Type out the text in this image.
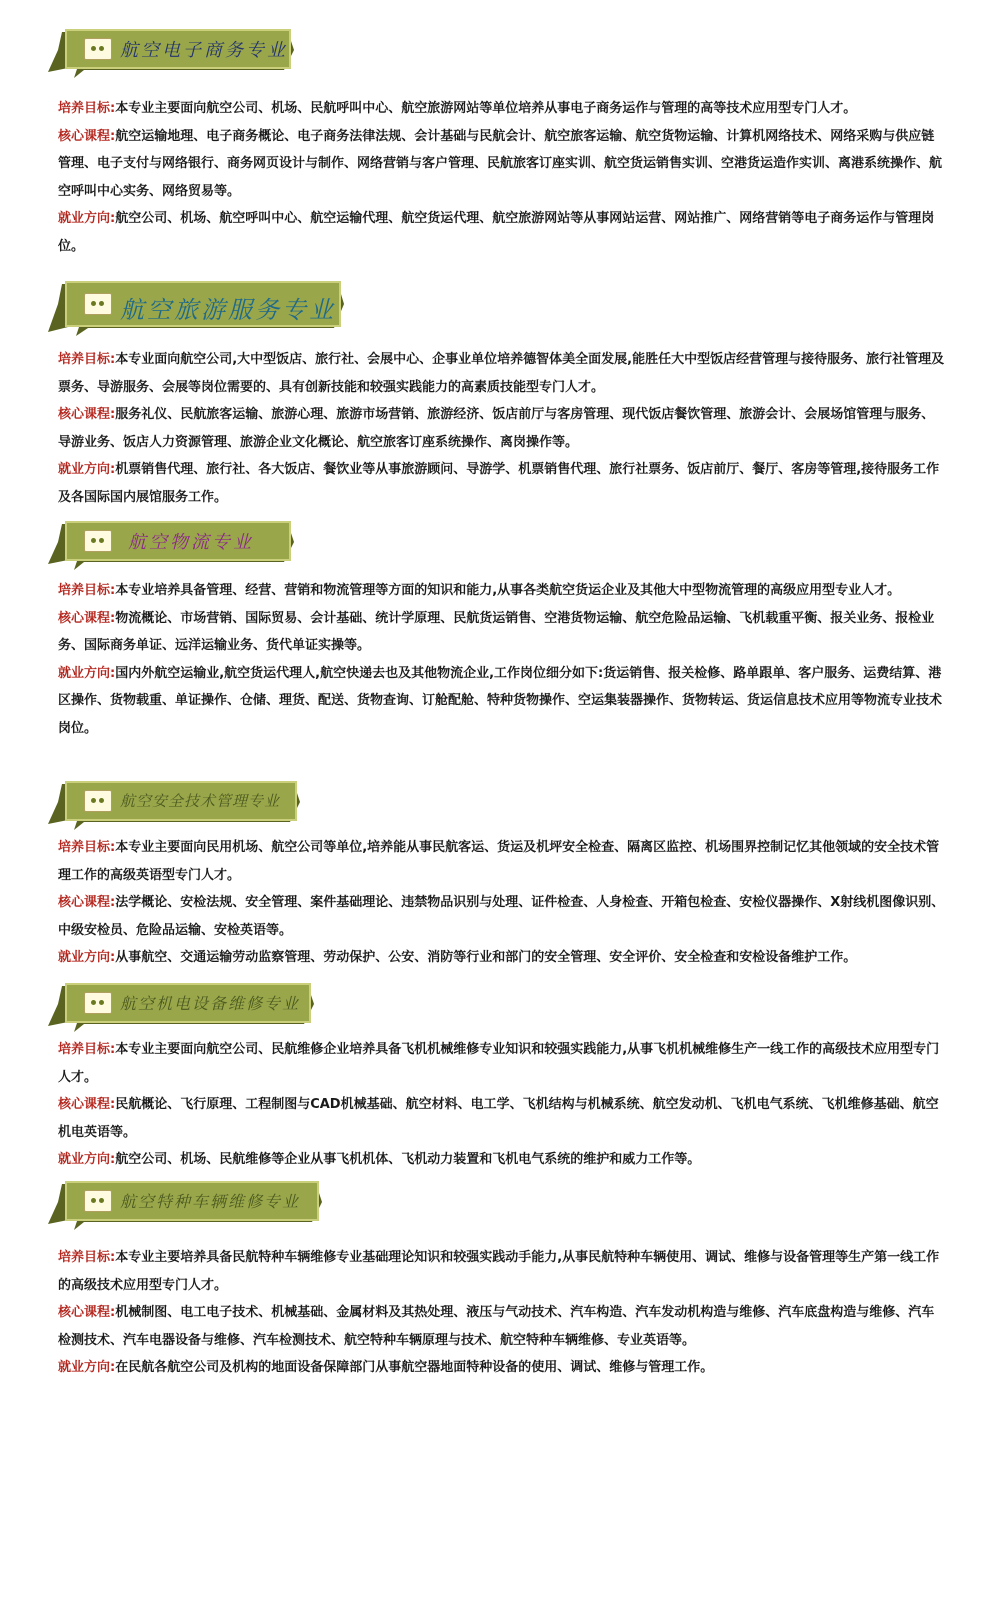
航空电子商务专业

培养目标:本专业主要面向航空公司、机场、民航呼叫中心、航空旅游网站等单位培养从事电子商务运作与管理的高等技术应用型专门人才。

核心课程:航空运输地理、电子商务概论、电子商务法律法规、会计基础与民航会计、航空旅客运输、航空货物运输、计算机网络技术、网络采购与供应链管理、电子支付与网络银行、商务网页设计与制作、网络营销与客户管理、民航旅客订座实训、航空货运销售实训、空港货运造作实训、离港系统操作、航空呼叫中心实务、网络贸易等。

就业方向:航空公司、机场、航空呼叫中心、航空运输代理、航空货运代理、航空旅游网站等从事网站运营、网站推广、网络营销等电子商务运作与管理岗位。

航空旅游服务专业

培养目标:本专业面向航空公司,大中型饭店、旅行社、会展中心、企事业单位培养德智体美全面发展,能胜任大中型饭店经营管理与接待服务、旅行社管理及票务、导游服务、会展等岗位需要的、具有创新技能和较强实践能力的高素质技能型专门人才。

核心课程:服务礼仪、民航旅客运输、旅游心理、旅游市场营销、旅游经济、饭店前厅与客房管理、现代饭店餐饮管理、旅游会计、会展场馆管理与服务、导游业务、饭店人力资源管理、旅游企业文化概论、航空旅客订座系统操作、离岗操作等。

就业方向:机票销售代理、旅行社、各大饭店、餐饮业等从事旅游顾问、导游学、机票销售代理、旅行社票务、饭店前厅、餐厅、客房等管理,接待服务工作及各国际国内展馆服务工作。

航空物流专业

培养目标:本专业培养具备管理、经营、营销和物流管理等方面的知识和能力,从事各类航空货运企业及其他大中型物流管理的高级应用型专业人才。

核心课程:物流概论、市场营销、国际贸易、会计基础、统计学原理、民航货运销售、空港货物运输、航空危险品运输、飞机载重平衡、报关业务、报检业务、国际商务单证、远洋运输业务、货代单证实操等。

就业方向:国内外航空运输业,航空货运代理人,航空快递去也及其他物流企业,工作岗位细分如下:货运销售、报关检修、路单跟单、客户服务、运费结算、港区操作、货物载重、单证操作、仓储、理货、配送、货物查询、订舱配舱、特种货物操作、空运集装器操作、货物转运、货运信息技术应用等物流专业技术岗位。

航空安全技术管理专业

培养目标:本专业主要面向民用机场、航空公司等单位,培养能从事民航客运、货运及机坪安全检查、隔离区监控、机场围界控制记忆其他领域的安全技术管理工作的高级英语型专门人才。

核心课程:法学概论、安检法规、安全管理、案件基础理论、违禁物品识别与处理、证件检查、人身检查、开箱包检查、安检仪器操作、X射线机图像识别、中级安检员、危险品运输、安检英语等。

就业方向:从事航空、交通运输劳动监察管理、劳动保护、公安、消防等行业和部门的安全管理、安全评价、安全检查和安检设备维护工作。

航空机电设备维修专业

培养目标:本专业主要面向航空公司、民航维修企业培养具备飞机机械维修专业知识和较强实践能力,从事飞机机械维修生产一线工作的高级技术应用型专门人才。

核心课程:民航概论、飞行原理、工程制图与CAD机械基础、航空材料、电工学、飞机结构与机械系统、航空发动机、飞机电气系统、飞机维修基础、航空机电英语等。

就业方向:航空公司、机场、民航维修等企业从事飞机机体、飞机动力装置和飞机电气系统的维护和威力工作等。

航空特种车辆维修专业

培养目标:本专业主要培养具备民航特种车辆维修专业基础理论知识和较强实践动手能力,从事民航特种车辆使用、调试、维修与设备管理等生产第一线工作的高级技术应用型专门人才。

核心课程:机械制图、电工电子技术、机械基础、金属材料及其热处理、液压与气动技术、汽车构造、汽车发动机构造与维修、汽车底盘构造与维修、汽车检测技术、汽车电器设备与维修、汽车检测技术、航空特种车辆原理与技术、航空特种车辆维修、专业英语等。

就业方向:在民航各航空公司及机构的地面设备保障部门从事航空器地面特种设备的使用、调试、维修与管理工作。
